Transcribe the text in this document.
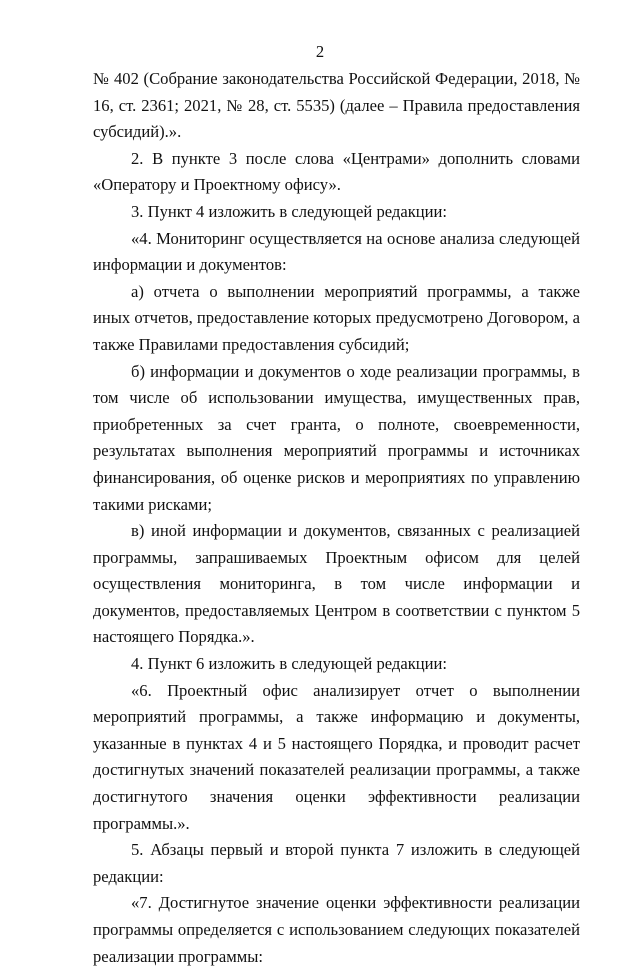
2

№ 402 (Собрание законодательства Российской Федерации, 2018, № 16, ст. 2361; 2021, № 28, ст. 5535) (далее – Правила предоставления субсидий).».

2. В пункте 3 после слова «Центрами» дополнить словами «Оператору и Проектному офису».

3. Пункт 4 изложить в следующей редакции:

«4. Мониторинг осуществляется на основе анализа следующей информации и документов:

а) отчета о выполнении мероприятий программы, а также иных отчетов, предоставление которых предусмотрено Договором, а также Правилами предоставления субсидий;

б) информации и документов о ходе реализации программы, в том числе об использовании имущества, имущественных прав, приобретенных за счет гранта, о полноте, своевременности, результатах выполнения мероприятий программы и источниках финансирования, об оценке рисков и мероприятиях по управлению такими рисками;

в) иной информации и документов, связанных с реализацией программы, запрашиваемых Проектным офисом для целей осуществления мониторинга, в том числе информации и документов, предоставляемых Центром в соответствии с пунктом 5 настоящего Порядка.».

4. Пункт 6 изложить в следующей редакции:

«6. Проектный офис анализирует отчет о выполнении мероприятий программы, а также информацию и документы, указанные в пунктах 4 и 5 настоящего Порядка, и проводит расчет достигнутых значений показателей реализации программы, а также достигнутого значения оценки эффективности реализации программы.».

5. Абзацы первый и второй пункта 7 изложить в следующей редакции:

«7. Достигнутое значение оценки эффективности реализации программы определяется с использованием следующих показателей реализации программы:
